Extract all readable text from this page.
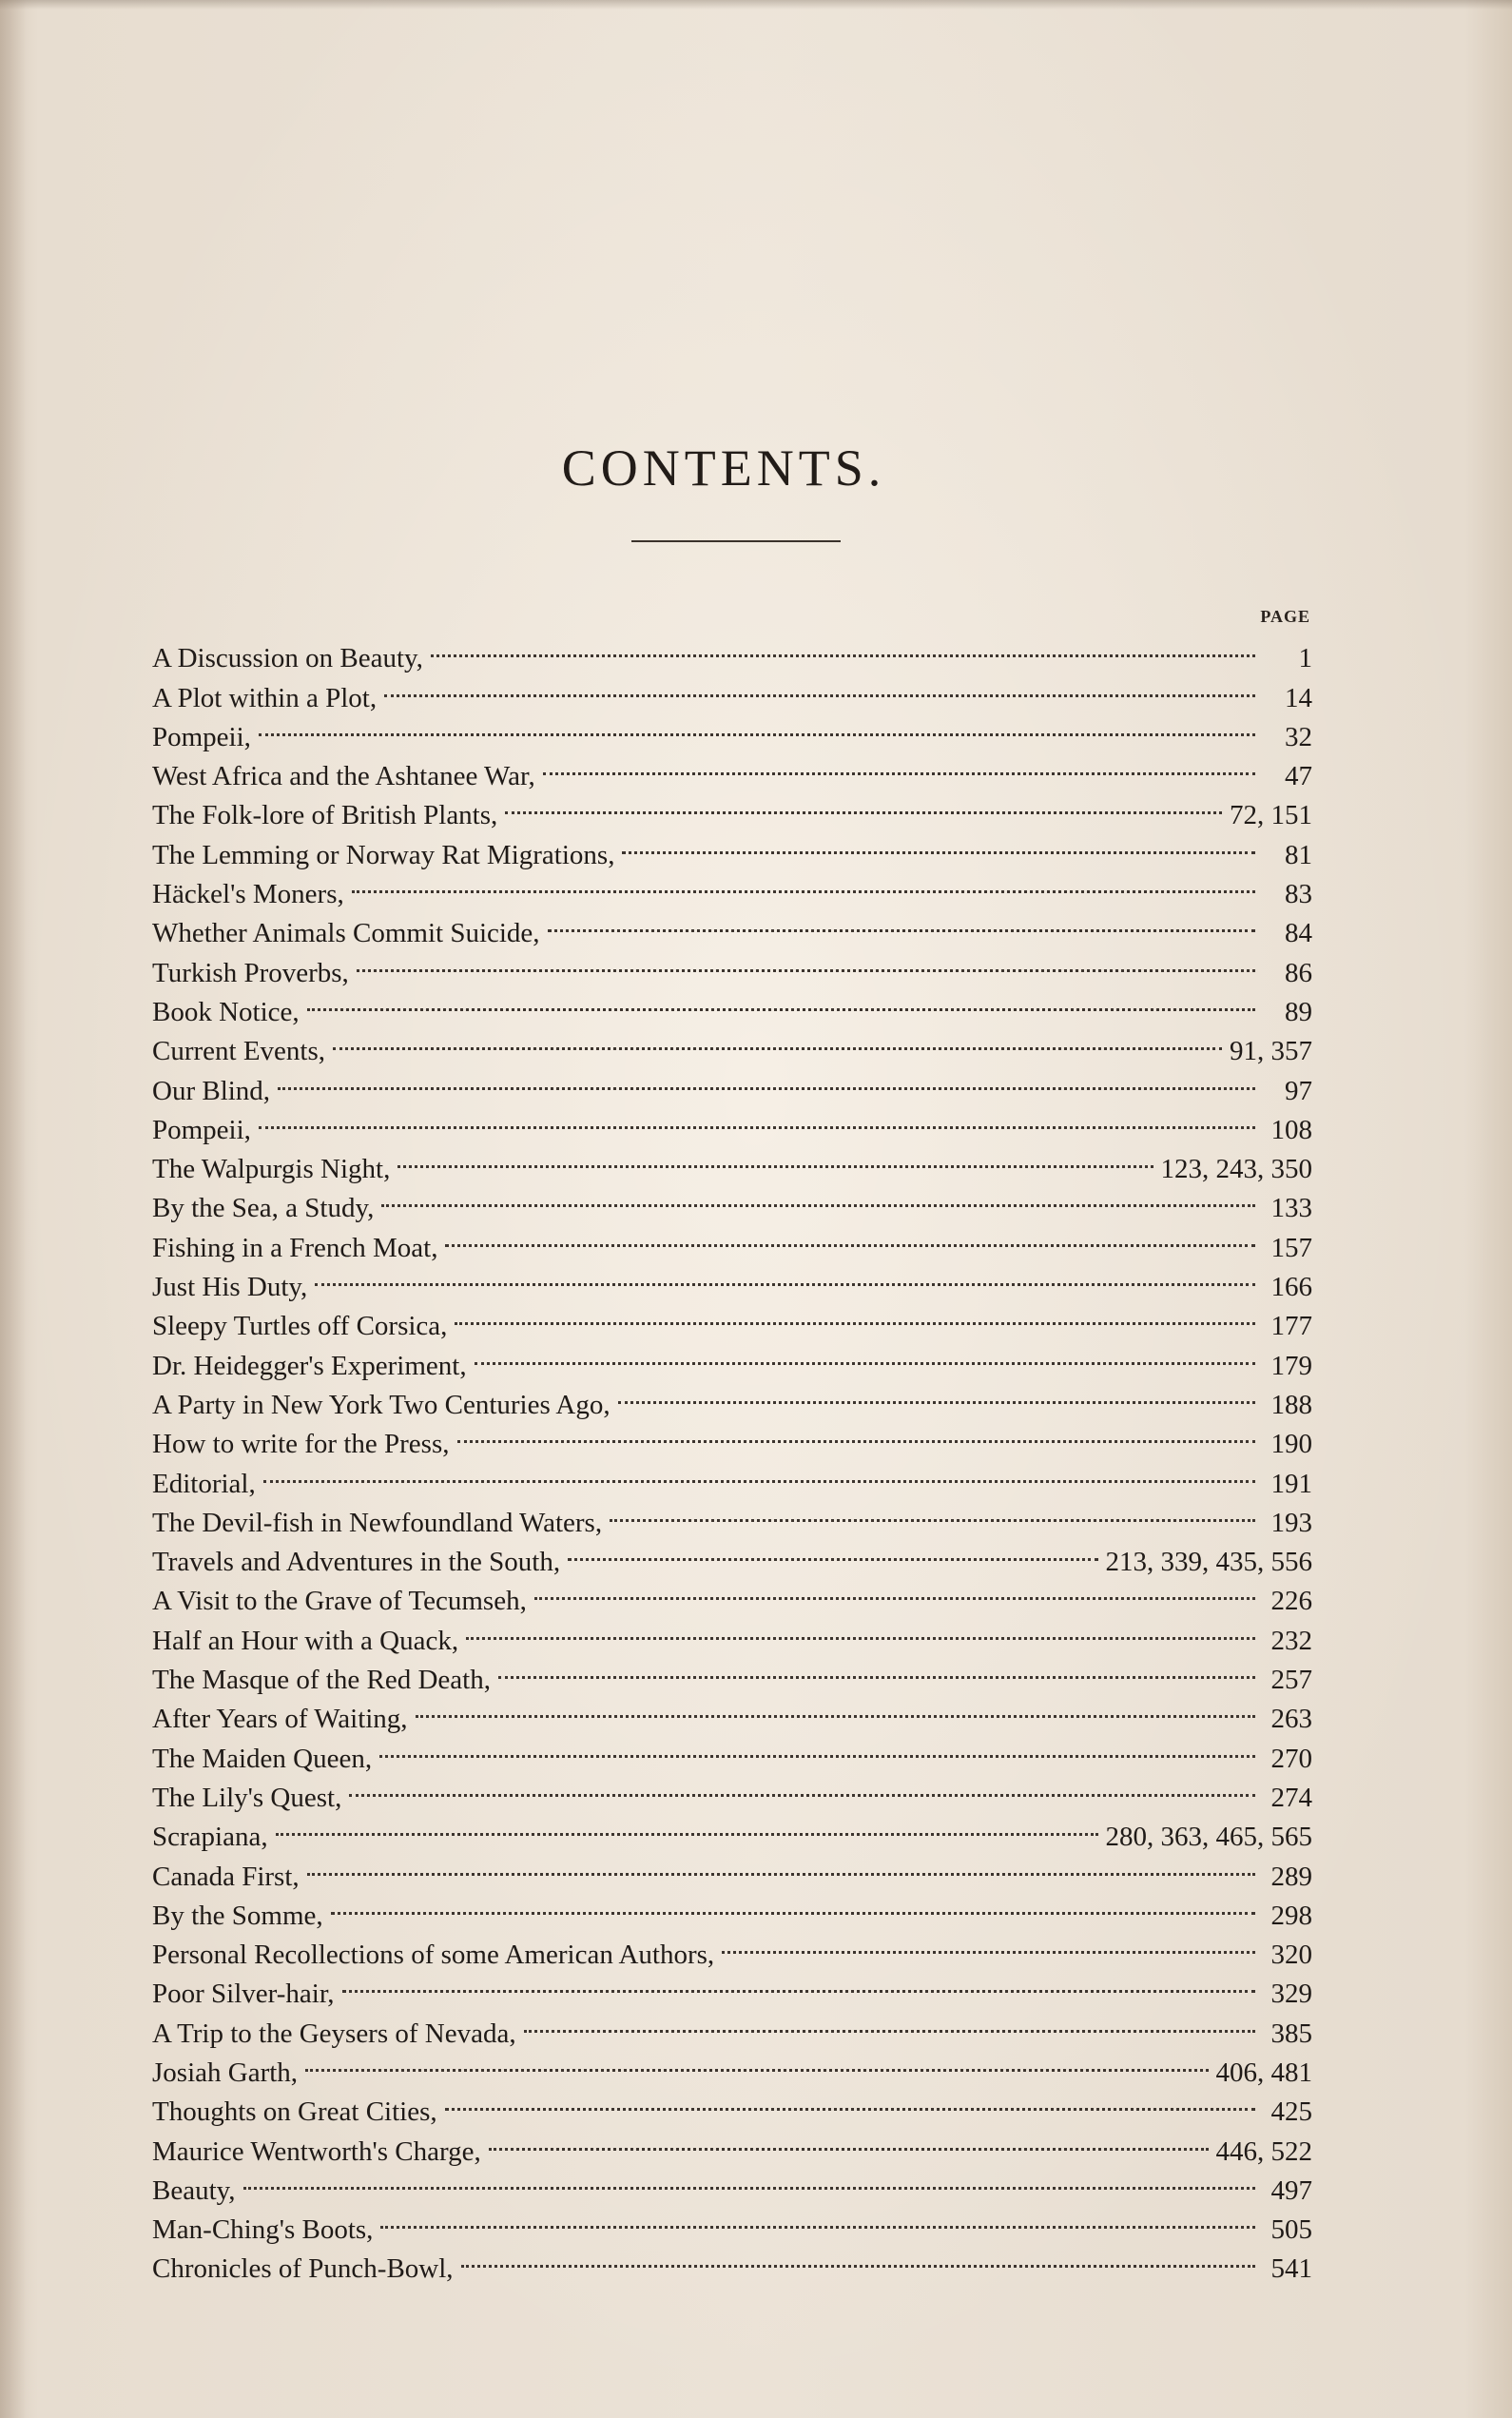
CONTENTS.
PAGE
A Discussion on Beauty,	1
A Plot within a Plot,	14
Pompeii,	32
West Africa and the Ashtanee War,	47
The Folk-lore of British Plants,	72, 151
The Lemming or Norway Rat Migrations,	81
Häckel's Moners,	83
Whether Animals Commit Suicide,	84
Turkish Proverbs,	86
Book Notice,	89
Current Events,	91, 357
Our Blind,	97
Pompeii,	108
The Walpurgis Night,	123, 243, 350
By the Sea, a Study,	133
Fishing in a French Moat,	157
Just His Duty,	166
Sleepy Turtles off Corsica,	177
Dr. Heidegger's Experiment,	179
A Party in New York Two Centuries Ago,	188
How to write for the Press,	190
Editorial,	191
The Devil-fish in Newfoundland Waters,	193
Travels and Adventures in the South,	213, 339, 435, 556
A Visit to the Grave of Tecumseh,	226
Half an Hour with a Quack,	232
The Masque of the Red Death,	257
After Years of Waiting,	263
The Maiden Queen,	270
The Lily's Quest,	274
Scrapiana,	280, 363, 465, 565
Canada First,	289
By the Somme,	298
Personal Recollections of some American Authors,	320
Poor Silver-hair,	329
A Trip to the Geysers of Nevada,	385
Josiah Garth,	406, 481
Thoughts on Great Cities,	425
Maurice Wentworth's Charge,	446, 522
Beauty,	497
Man-Ching's Boots,	505
Chronicles of Punch-Bowl,	541
